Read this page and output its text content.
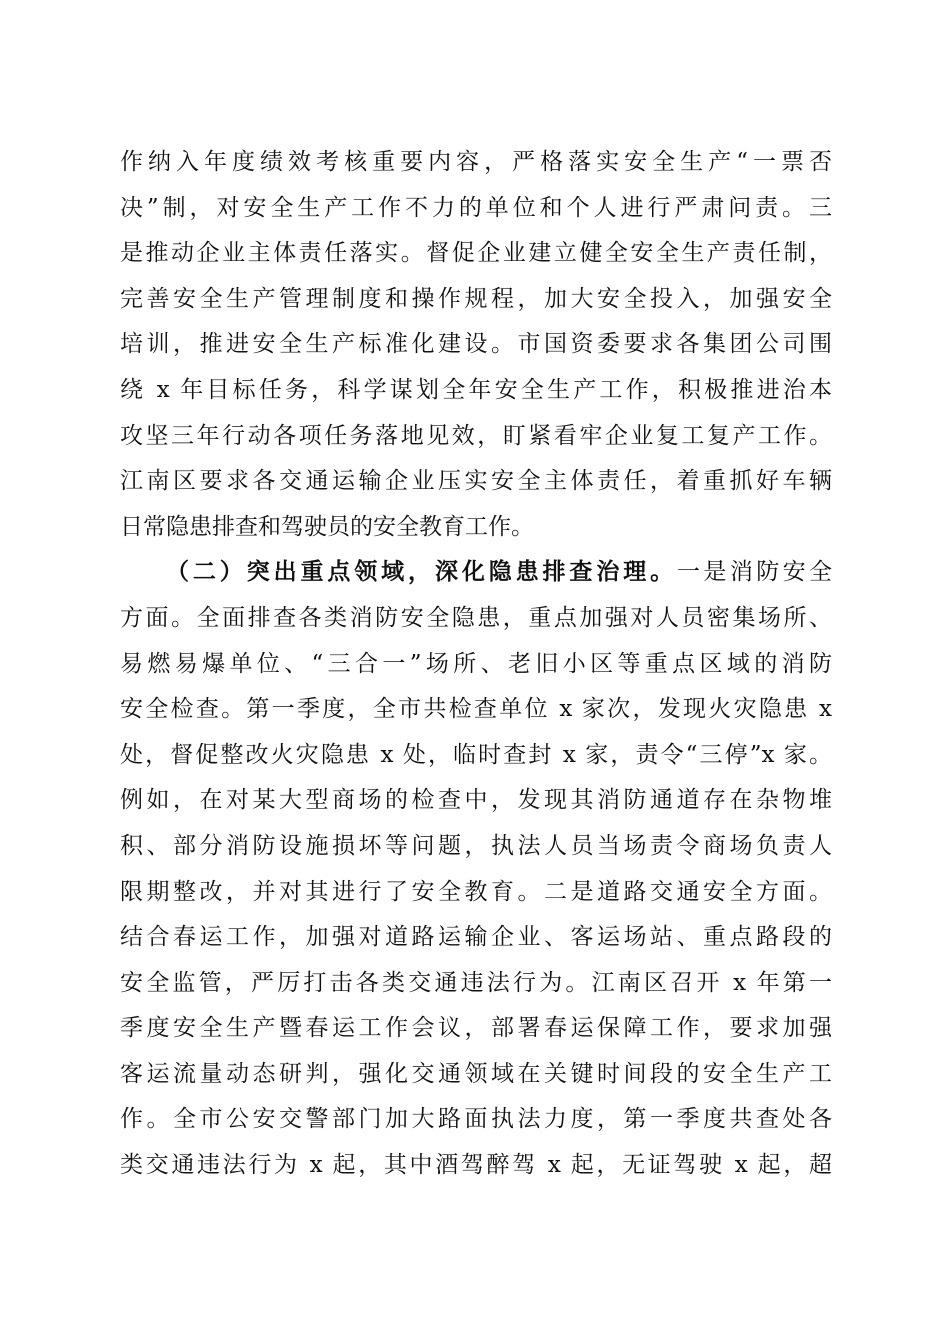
作纳入年度绩效考核重要内容，严格落实安全生产“一票否
决”制，对安全生产工作不力的单位和个人进行严肃问责。三
是推动企业主体责任落实。督促企业建立健全安全生产责任制，
完善安全生产管理制度和操作规程，加大安全投入，加强安全
培训，推进安全生产标准化建设。市国资委要求各集团公司围
绕 x 年目标任务，科学谋划全年安全生产工作，积极推进治本
攻坚三年行动各项任务落地见效，盯紧看牢企业复工复产工作。
江南区要求各交通运输企业压实安全主体责任，着重抓好车辆
日常隐患排查和驾驶员的安全教育工作。
（二）突出重点领域，深化隐患排查治理。一是消防安全
方面。全面排查各类消防安全隐患，重点加强对人员密集场所、
易燃易爆单位、“三合一”场所、老旧小区等重点区域的消防
安全检查。第一季度，全市共检查单位 x 家次，发现火灾隐患 x
处，督促整改火灾隐患 x 处，临时查封 x 家，责令“三停”x 家。
例如，在对某大型商场的检查中，发现其消防通道存在杂物堆
积、部分消防设施损坏等问题，执法人员当场责令商场负责人
限期整改，并对其进行了安全教育。二是道路交通安全方面。
结合春运工作，加强对道路运输企业、客运场站、重点路段的
安全监管，严厉打击各类交通违法行为。江南区召开 x 年第一
季度安全生产暨春运工作会议，部署春运保障工作，要求加强
客运流量动态研判，强化交通领域在关键时间段的安全生产工
作。全市公安交警部门加大路面执法力度，第一季度共查处各
类交通违法行为 x 起，其中酒驾醉驾 x 起，无证驾驶 x 起，超
